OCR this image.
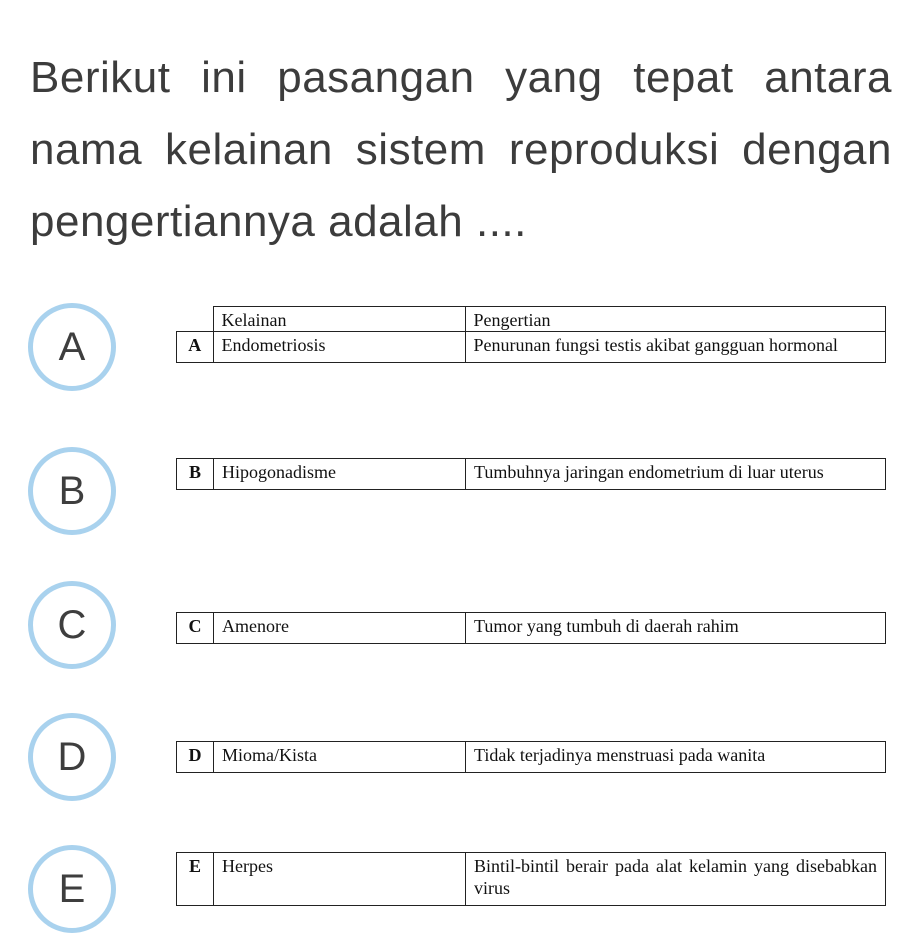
Berikut ini pasangan yang tepat antara nama kelainan sistem reproduksi dengan pengertiannya adalah ....
A
	Kelainan	Pengertian
A	Endometriosis	Penurunan fungsi testis akibat gangguan hormonal
B	B	Hipogonadisme	Tumbuhnya jaringan endometrium di luar uterus
C	C	Amenore	Tumor yang tumbuh di daerah rahim
D	D	Mioma/Kista	Tidak terjadinya menstruasi pada wanita
E
E	Herpes	Bintil-bintil berair pada alat kelamin yang disebabkan virus
